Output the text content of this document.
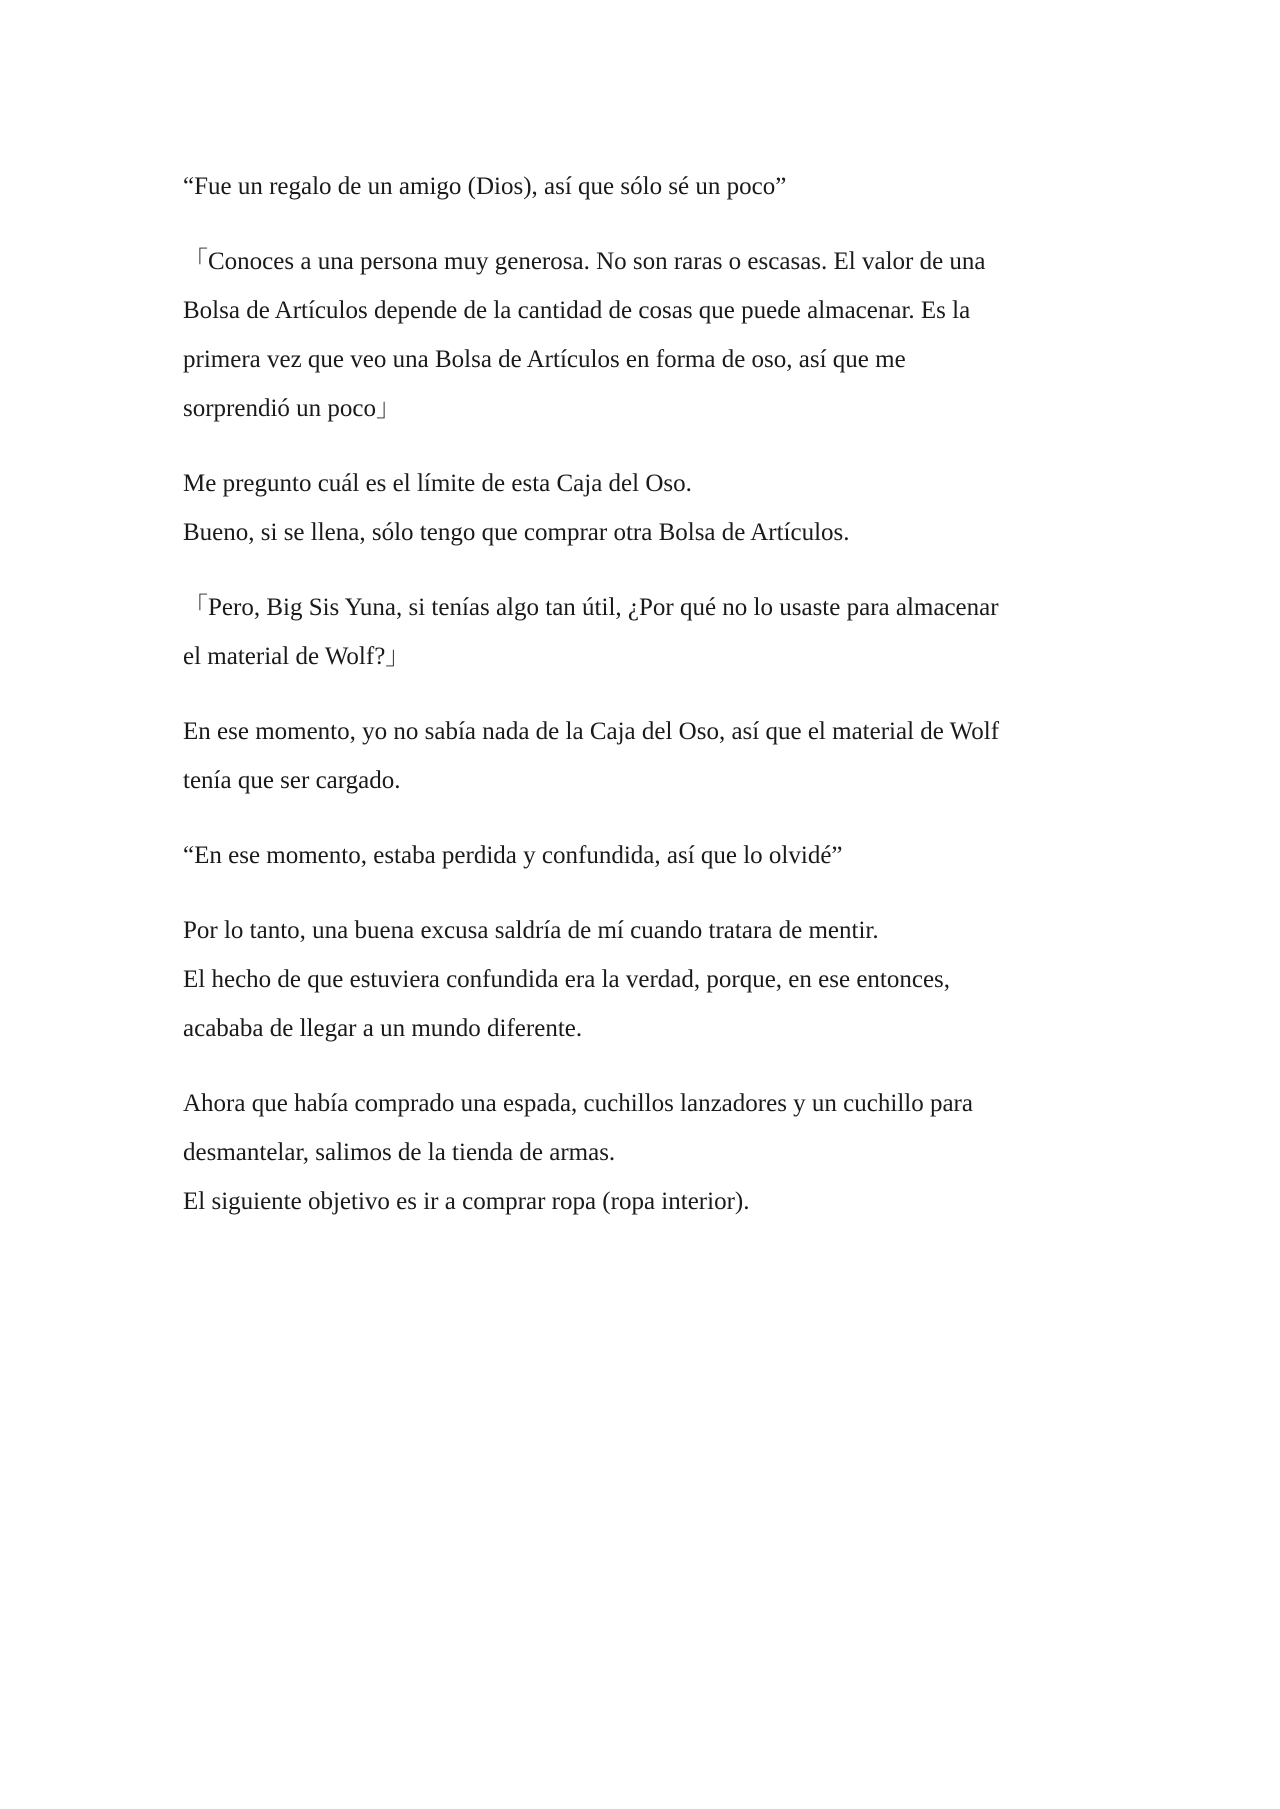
“Fue un regalo de un amigo (Dios), así que sólo sé un poco”

「Conoces a una persona muy generosa. No son raras o escasas. El valor de una
Bolsa de Artículos depende de la cantidad de cosas que puede almacenar. Es la
primera vez que veo una Bolsa de Artículos en forma de oso, así que me
sorprendió un poco」

Me pregunto cuál es el límite de esta Caja del Oso.
Bueno, si se llena, sólo tengo que comprar otra Bolsa de Artículos.

「Pero, Big Sis Yuna, si tenías algo tan útil, ¿Por qué no lo usaste para almacenar
el material de Wolf?」

En ese momento, yo no sabía nada de la Caja del Oso, así que el material de Wolf
tenía que ser cargado.

“En ese momento, estaba perdida y confundida, así que lo olvidé”

Por lo tanto, una buena excusa saldría de mí cuando tratara de mentir.
El hecho de que estuviera confundida era la verdad, porque, en ese entonces,
acababa de llegar a un mundo diferente.

Ahora que había comprado una espada, cuchillos lanzadores y un cuchillo para
desmantelar, salimos de la tienda de armas.
El siguiente objetivo es ir a comprar ropa (ropa interior).
